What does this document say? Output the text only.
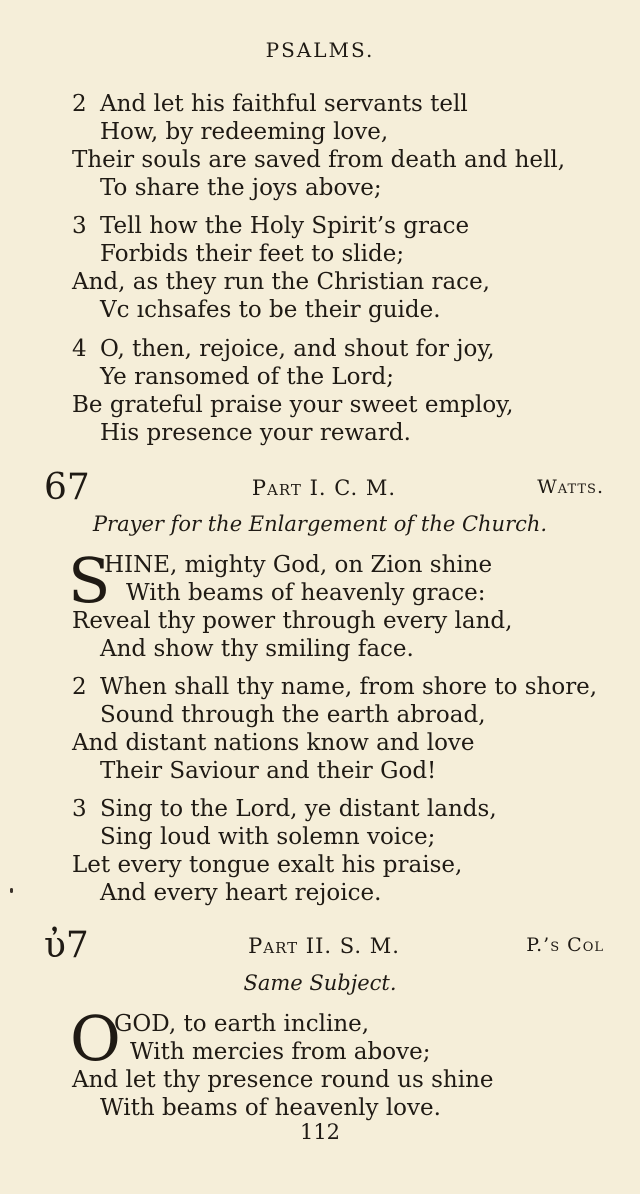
PSALMS.
2 And let his faithful servants tell
How, by redeeming love,
Their souls are saved from death and hell,
To share the joys above;
3 Tell how the Holy Spirit’s grace
Forbids their feet to slide;
And, as they run the Christian race,
Vc ıchsafes to be their guide.
4 O, then, rejoice, and shout for joy,
Ye ransomed of the Lord;
Be grateful praise your sweet employ,
His presence your reward.
67	Part I. C. M.	Watts.
Prayer for the Enlargement of the Church.
S
HINE, mighty God, on Zion shine
With beams of heavenly grace:
Reveal thy power through every land,
And show thy smiling face.
2 When shall thy name, from shore to shore,
Sound through the earth abroad,
And distant nations know and love
Their Saviour and their God!
3 Sing to the Lord, ye distant lands,
Sing loud with solemn voice;
Let every tongue exalt his praise,
And every heart rejoice.
ὐ7	Part II. S. M.	P.’s Col
Same Subject.
O
GOD, to earth incline,
With mercies from above;
And let thy presence round us shine
With beams of heavenly love.
112
